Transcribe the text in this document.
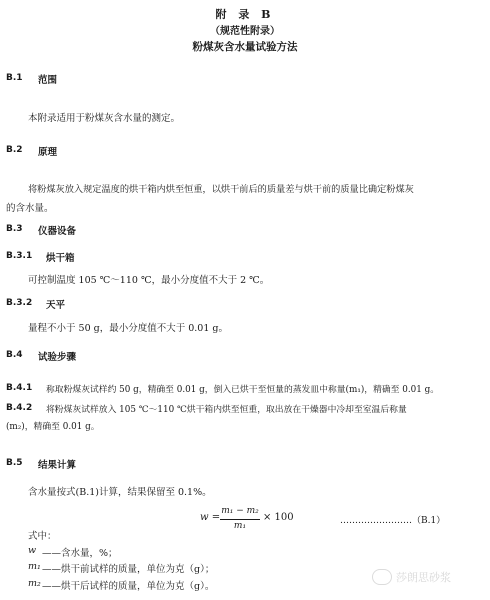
附 录 B
（规范性附录）
粉煤灰含水量试验方法
B.1 范围
本附录适用于粉煤灰含水量的测定。
B.2 原理
将粉煤灰放入规定温度的烘干箱内烘至恒重，以烘干前后的质量差与烘干前的质量比确定粉煤灰
的含水量。
B.3 仪器设备
B.3.1 烘干箱
可控制温度 105 ℃～110 ℃，最小分度值不大于 2 ℃。
B.3.2 天平
量程不小于 50 g，最小分度值不大于 0.01 g。
B.4 试验步骤
B.4.1 称取粉煤灰试样约 50 g，精确至 0.01 g，倒入已烘干至恒量的蒸发皿中称量(m₁)，精确至 0.01 g。
B.4.2 将粉煤灰试样放入 105 ℃～110 ℃烘干箱内烘至恒重，取出放在干燥器中冷却至室温后称量
(m₂)，精确至 0.01 g。
B.5 结果计算
含水量按式(B.1)计算，结果保留至 0.1%。
w =
m₁ − m₂
m₁
× 100	……………………（B.1）
式中：
w ——含水量，%；
m₁ ——烘干前试样的质量，单位为克（g）；
m₂ ——烘干后试样的质量，单位为克（g）。
莎朗思砂浆
